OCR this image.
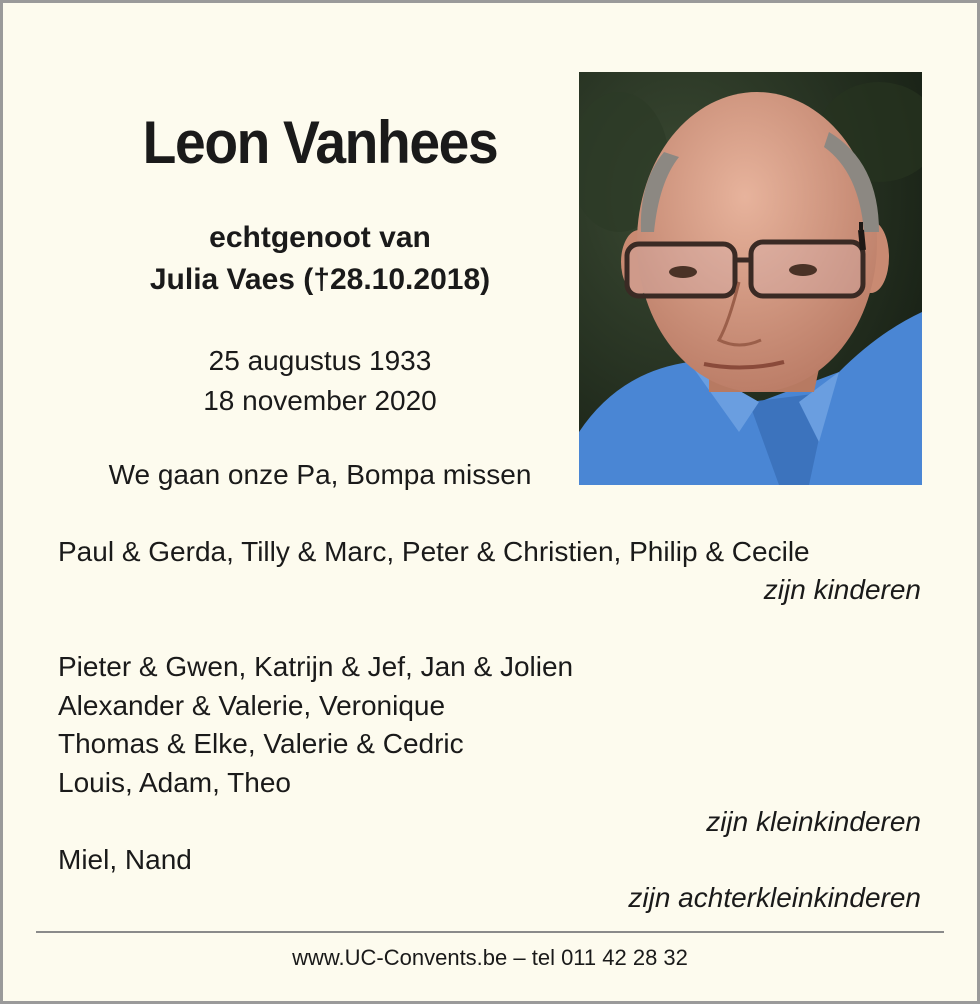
Leon Vanhees
echtgenoot van
Julia Vaes (†28.10.2018)
25 augustus 1933
18 november 2020
We gaan onze Pa, Bompa missen
Paul & Gerda, Tilly & Marc, Peter & Christien, Philip & Cecile
zijn kinderen
Pieter & Gwen, Katrijn & Jef, Jan & Jolien
Alexander & Valerie, Veronique
Thomas & Elke, Valerie & Cedric
Louis, Adam, Theo
zijn kleinkinderen
Miel, Nand
zijn achterkleinkinderen
www.UC-Convents.be – tel 011 42 28 32
